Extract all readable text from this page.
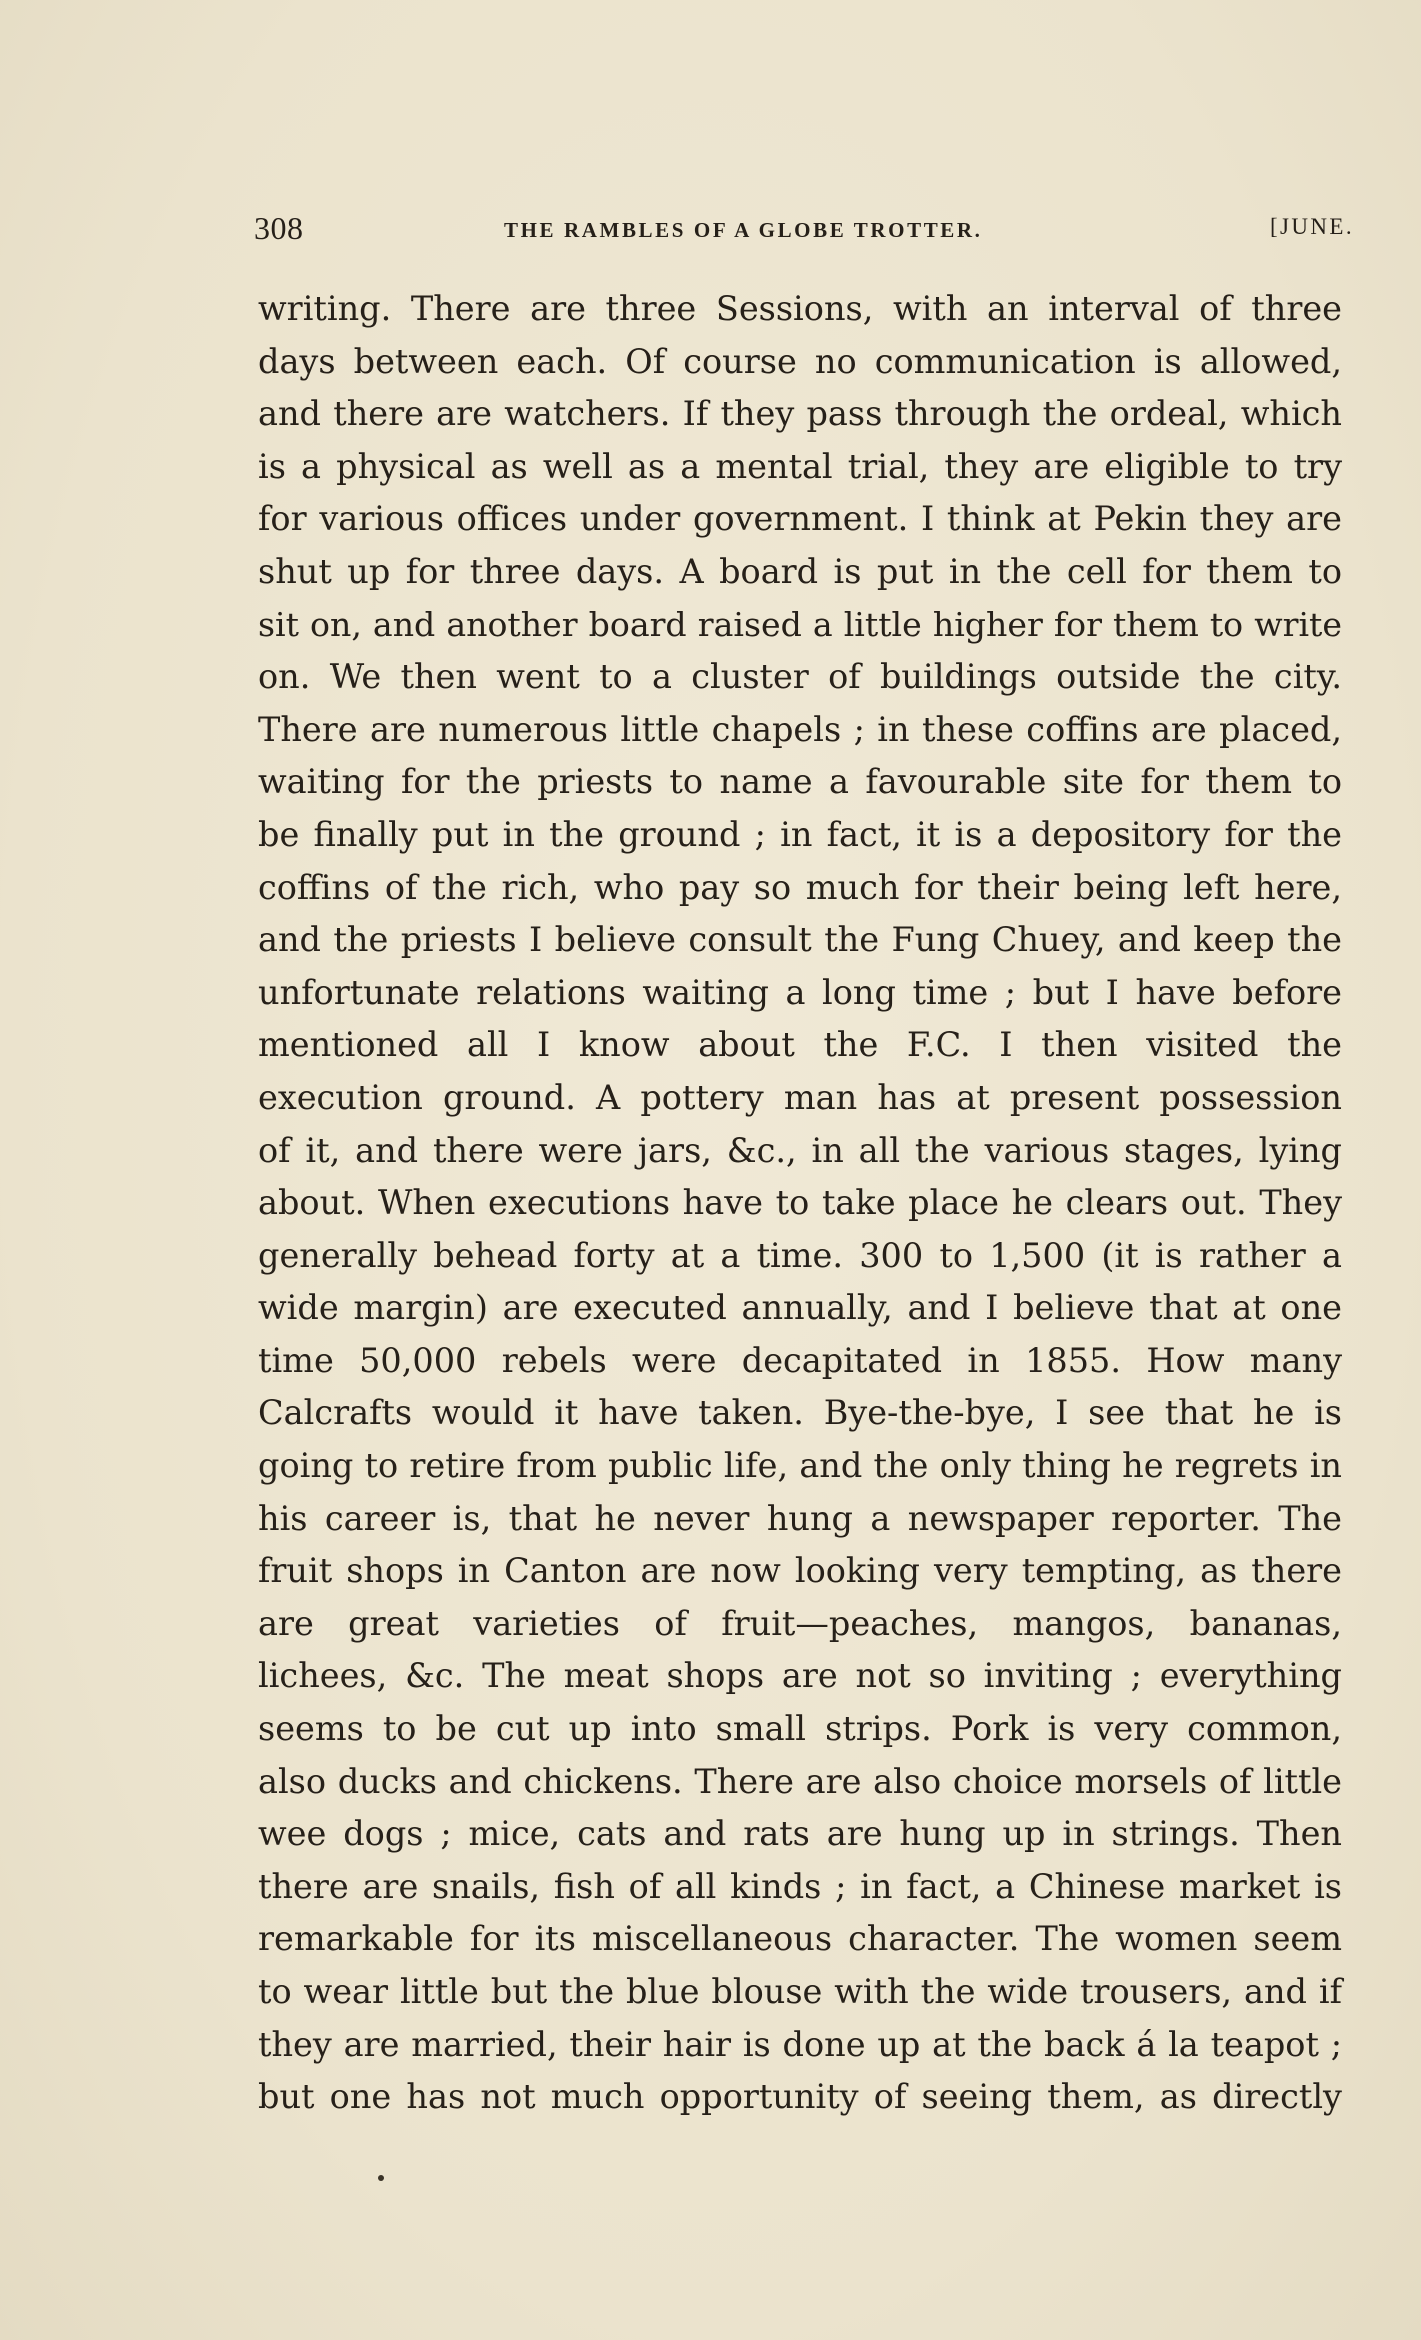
308	THE RAMBLES OF A GLOBE TROTTER.	[JUNE.
writing. There are three Sessions, with an interval of three
days between each. Of course no communication is allowed,
and there are watchers. If they pass through the ordeal, which
is a physical as well as a mental trial, they are eligible to try
for various offices under government. I think at Pekin they are
shut up for three days. A board is put in the cell for them to
sit on, and another board raised a little higher for them to write
on. We then went to a cluster of buildings outside the city.
There are numerous little chapels ; in these coffins are placed,
waiting for the priests to name a favourable site for them to
be finally put in the ground ; in fact, it is a depository for the
coffins of the rich, who pay so much for their being left here,
and the priests I believe consult the Fung Chuey, and keep the
unfortunate relations waiting a long time ; but I have before
mentioned all I know about the F.C. I then visited the
execution ground. A pottery man has at present possession
of it, and there were jars, &c., in all the various stages, lying
about. When executions have to take place he clears out. They
generally behead forty at a time. 300 to 1,500 (it is rather a
wide margin) are executed annually, and I believe that at one
time 50,000 rebels were decapitated in 1855. How many
Calcrafts would it have taken. Bye-the-bye, I see that he is
going to retire from public life, and the only thing he regrets in
his career is, that he never hung a newspaper reporter. The
fruit shops in Canton are now looking very tempting, as there
are great varieties of fruit—peaches, mangos, bananas,
lichees, &c. The meat shops are not so inviting ; everything
seems to be cut up into small strips. Pork is very common,
also ducks and chickens. There are also choice morsels of little
wee dogs ; mice, cats and rats are hung up in strings. Then
there are snails, fish of all kinds ; in fact, a Chinese market is
remarkable for its miscellaneous character. The women seem
to wear little but the blue blouse with the wide trousers, and if
they are married, their hair is done up at the back á la teapot ;
but one has not much opportunity of seeing them, as directly
